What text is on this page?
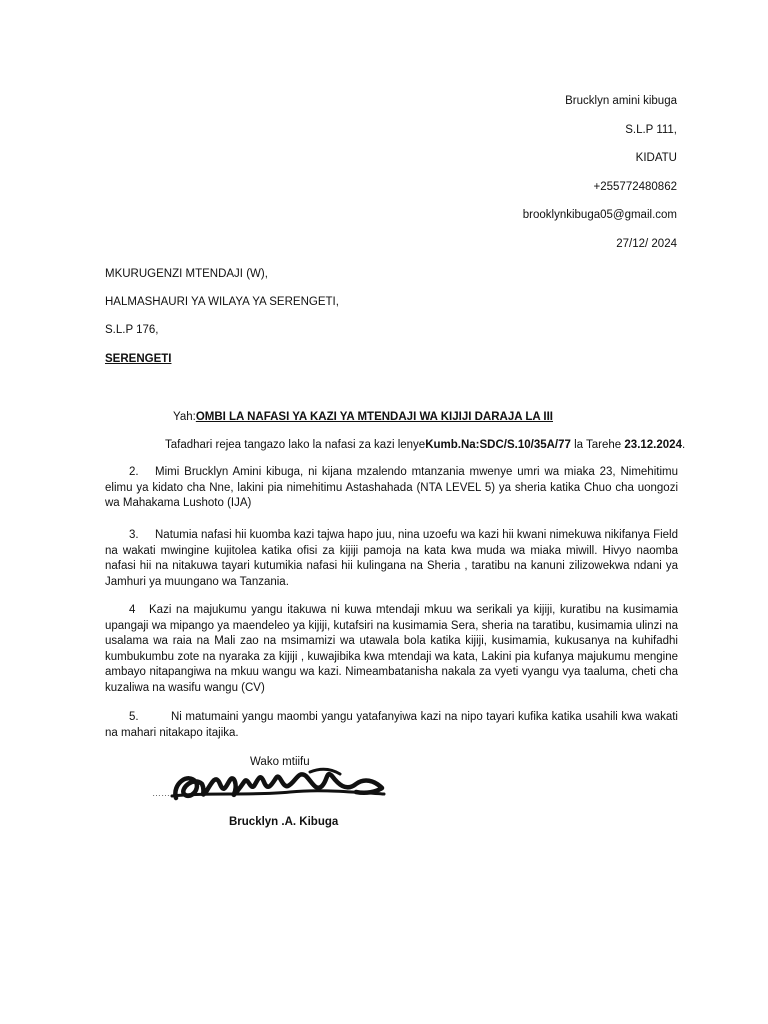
Brucklyn amini kibuga
S.L.P 111,
KIDATU
+255772480862
brooklynkibuga05@gmail.com
27/12/ 2024
MKURUGENZI MTENDAJI (W),
HALMASHAURI YA WILAYA YA SERENGETI,
S.L.P 176,
SERENGETI
Yah:OMBI LA NAFASI YA KAZI YA MTENDAJI WA KIJIJI DARAJA LA III
Tafadhari rejea tangazo lako la nafasi za kazi lenyeKumb.Na:SDC/S.10/35A/77 la Tarehe 23.12.2024.
2. Mimi Brucklyn Amini kibuga, ni kijana mzalendo mtanzania mwenye umri wa miaka 23, Nimehitimu elimu ya kidato cha Nne, lakini pia nimehitimu Astashahada (NTA LEVEL 5) ya sheria katika Chuo cha uongozi wa Mahakama Lushoto (IJA)
3. Natumia nafasi hii kuomba kazi tajwa hapo juu, nina uzoefu wa kazi hii kwani nimekuwa nikifanya Field na wakati mwingine kujitolea katika ofisi za kijiji pamoja na kata kwa muda wa miaka miwill. Hivyo naomba nafasi hii na nitakuwa tayari kutumikia nafasi hii kulingana na Sheria , taratibu na kanuni zilizowekwa ndani ya Jamhuri ya muungano wa Tanzania.
4 Kazi na majukumu yangu itakuwa ni kuwa mtendaji mkuu wa serikali ya kijiji, kuratibu na kusimamia upangaji wa mipango ya maendeleo ya kijiji, kutafsiri na kusimamia Sera, sheria na taratibu, kusimamia ulinzi na usalama wa raia na Mali zao na msimamizi wa utawala bola katika kijiji, kusimamia, kukusanya na kuhifadhi kumbukumbu zote na nyaraka za kijiji , kuwajibika kwa mtendaji wa kata, Lakini pia kufanya majukumu mengine ambayo nitapangiwa na mkuu wangu wa kazi. Nimeambatanisha nakala za vyeti vyangu vya taaluma, cheti cha kuzaliwa na wasifu wangu (CV)
5.	Ni matumaini yangu maombi yangu yatafanyiwa kazi na nipo tayari kufika katika usahili kwa wakati na mahari nitakapo itajika.
Wako mtiifu
………
Brucklyn .A. Kibuga
